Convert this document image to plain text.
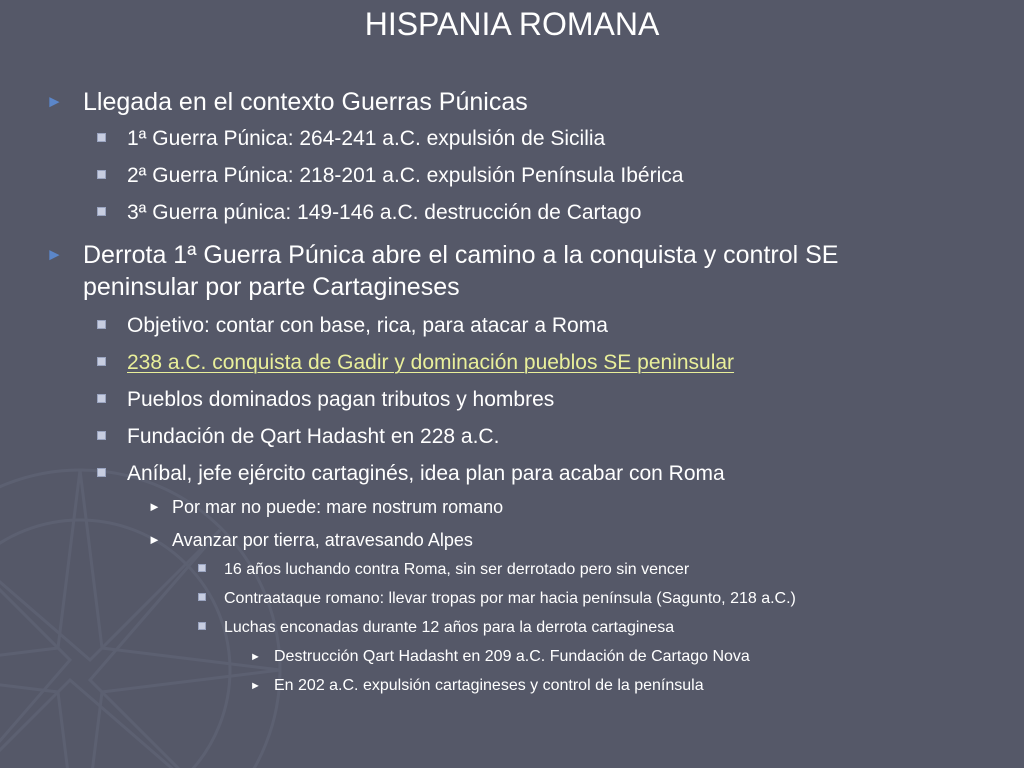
HISPANIA ROMANA
► Llegada en el contexto Guerras Púnicas
1ª Guerra Púnica: 264-241 a.C. expulsión de Sicilia
2ª Guerra Púnica: 218-201 a.C. expulsión Península Ibérica
3ª Guerra púnica: 149-146 a.C. destrucción de Cartago
► Derrota 1ª Guerra Púnica abre el camino a la conquista y control SE
peninsular por parte Cartagineses
Objetivo: contar con base, rica, para atacar a Roma
238 a.C. conquista de Gadir y dominación pueblos SE peninsular
Pueblos dominados pagan tributos y hombres
Fundación de Qart Hadasht en 228 a.C.
Aníbal, jefe ejército cartaginés, idea plan para acabar con Roma
► Por mar no puede: mare nostrum romano
► Avanzar por tierra, atravesando Alpes
16 años luchando contra Roma, sin ser derrotado pero sin vencer
Contraataque romano: llevar tropas por mar hacia península (Sagunto, 218 a.C.)
Luchas enconadas durante 12 años para la derrota cartaginesa
► Destrucción Qart Hadasht en 209 a.C. Fundación de Cartago Nova
► En 202 a.C. expulsión cartagineses y control de la península
